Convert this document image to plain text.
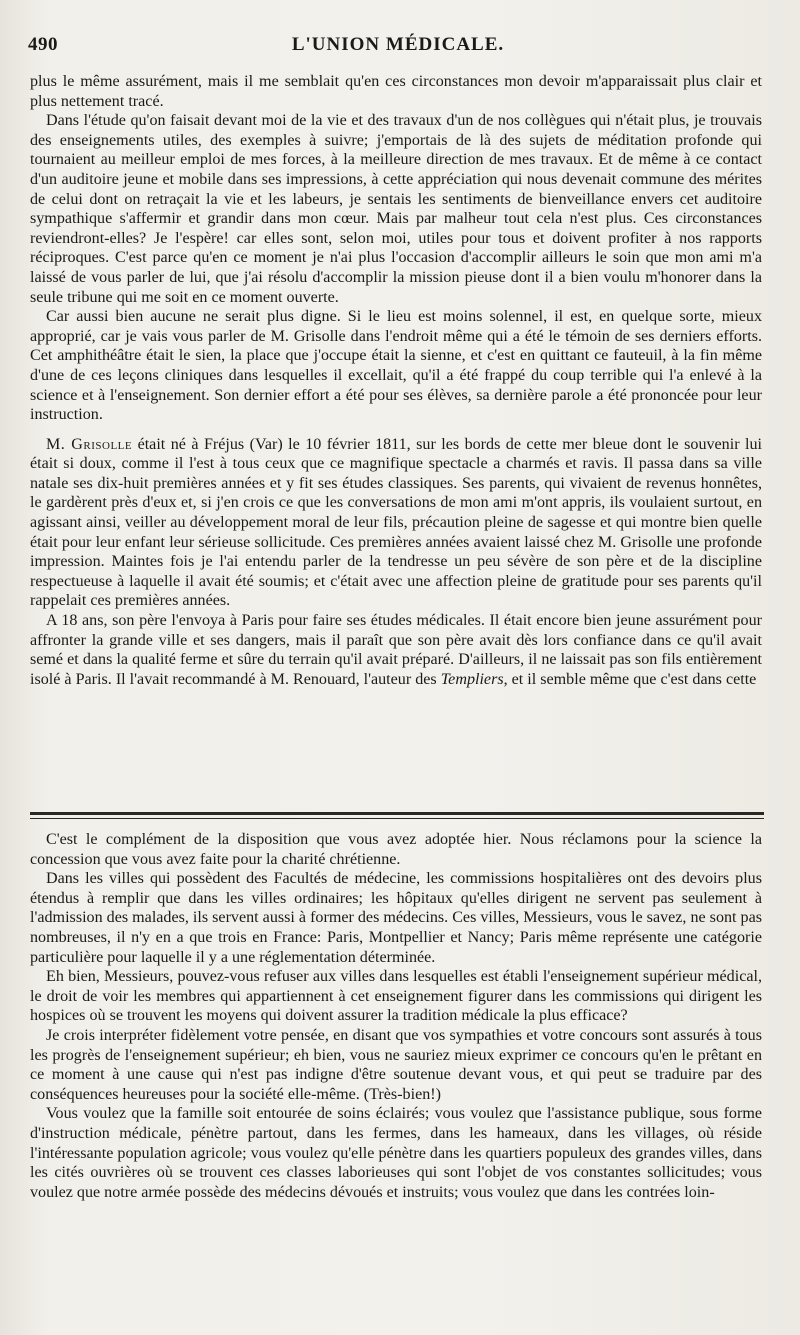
490	L'UNION MÉDICALE.

plus le même assurément, mais il me semblait qu'en ces circonstances mon devoir m'apparaissait plus clair et plus nettement tracé.

Dans l'étude qu'on faisait devant moi de la vie et des travaux d'un de nos collègues qui n'était plus, je trouvais des enseignements utiles, des exemples à suivre; j'emportais de là des sujets de méditation profonde qui tournaient au meilleur emploi de mes forces, à la meilleure direction de mes travaux. Et de même à ce contact d'un auditoire jeune et mobile dans ses impressions, à cette appréciation qui nous devenait commune des mérites de celui dont on retraçait la vie et les labeurs, je sentais les sentiments de bienveillance envers cet auditoire sympathique s'affermir et grandir dans mon cœur. Mais par malheur tout cela n'est plus. Ces circonstances reviendront-elles? Je l'espère! car elles sont, selon moi, utiles pour tous et doivent profiter à nos rapports réciproques. C'est parce qu'en ce moment je n'ai plus l'occasion d'accomplir ailleurs le soin que mon ami m'a laissé de vous parler de lui, que j'ai résolu d'accomplir la mission pieuse dont il a bien voulu m'honorer dans la seule tribune qui me soit en ce moment ouverte.

Car aussi bien aucune ne serait plus digne. Si le lieu est moins solennel, il est, en quelque sorte, mieux approprié, car je vais vous parler de M. Grisolle dans l'endroit même qui a été le témoin de ses derniers efforts. Cet amphithéâtre était le sien, la place que j'occupe était la sienne, et c'est en quittant ce fauteuil, à la fin même d'une de ces leçons cliniques dans lesquelles il excellait, qu'il a été frappé du coup terrible qui l'a enlevé à la science et à l'enseignement. Son dernier effort a été pour ses élèves, sa dernière parole a été prononcée pour leur instruction.

M. Grisolle était né à Fréjus (Var) le 10 février 1811, sur les bords de cette mer bleue dont le souvenir lui était si doux, comme il l'est à tous ceux que ce magnifique spectacle a charmés et ravis. Il passa dans sa ville natale ses dix-huit premières années et y fit ses études classiques. Ses parents, qui vivaient de revenus honnêtes, le gardèrent près d'eux et, si j'en crois ce que les conversations de mon ami m'ont appris, ils voulaient surtout, en agissant ainsi, veiller au développement moral de leur fils, précaution pleine de sagesse et qui montre bien quelle était pour leur enfant leur sérieuse sollicitude. Ces premières années avaient laissé chez M. Grisolle une profonde impression. Maintes fois je l'ai entendu parler de la tendresse un peu sévère de son père et de la discipline respectueuse à laquelle il avait été soumis; et c'était avec une affection pleine de gratitude pour ses parents qu'il rappelait ces premières années.

A 18 ans, son père l'envoya à Paris pour faire ses études médicales. Il était encore bien jeune assurément pour affronter la grande ville et ses dangers, mais il paraît que son père avait dès lors confiance dans ce qu'il avait semé et dans la qualité ferme et sûre du terrain qu'il avait préparé. D'ailleurs, il ne laissait pas son fils entièrement isolé à Paris. Il l'avait recommandé à M. Renouard, l'auteur des Templiers, et il semble même que c'est dans cette

C'est le complément de la disposition que vous avez adoptée hier. Nous réclamons pour la science la concession que vous avez faite pour la charité chrétienne.

Dans les villes qui possèdent des Facultés de médecine, les commissions hospitalières ont des devoirs plus étendus à remplir que dans les villes ordinaires; les hôpitaux qu'elles dirigent ne servent pas seulement à l'admission des malades, ils servent aussi à former des médecins. Ces villes, Messieurs, vous le savez, ne sont pas nombreuses, il n'y en a que trois en France: Paris, Montpellier et Nancy; Paris même représente une catégorie particulière pour laquelle il y a une réglementation déterminée.

Eh bien, Messieurs, pouvez-vous refuser aux villes dans lesquelles est établi l'enseignement supérieur médical, le droit de voir les membres qui appartiennent à cet enseignement figurer dans les commissions qui dirigent les hospices où se trouvent les moyens qui doivent assurer la tradition médicale la plus efficace?

Je crois interpréter fidèlement votre pensée, en disant que vos sympathies et votre concours sont assurés à tous les progrès de l'enseignement supérieur; eh bien, vous ne sauriez mieux exprimer ce concours qu'en le prêtant en ce moment à une cause qui n'est pas indigne d'être soutenue devant vous, et qui peut se traduire par des conséquences heureuses pour la société elle-même. (Très-bien!)

Vous voulez que la famille soit entourée de soins éclairés; vous voulez que l'assistance publique, sous forme d'instruction médicale, pénètre partout, dans les fermes, dans les hameaux, dans les villages, où réside l'intéressante population agricole; vous voulez qu'elle pénètre dans les quartiers populeux des grandes villes, dans les cités ouvrières où se trouvent ces classes laborieuses qui sont l'objet de vos constantes sollicitudes; vous voulez que notre armée possède des médecins dévoués et instruits; vous voulez que dans les contrées loin-
